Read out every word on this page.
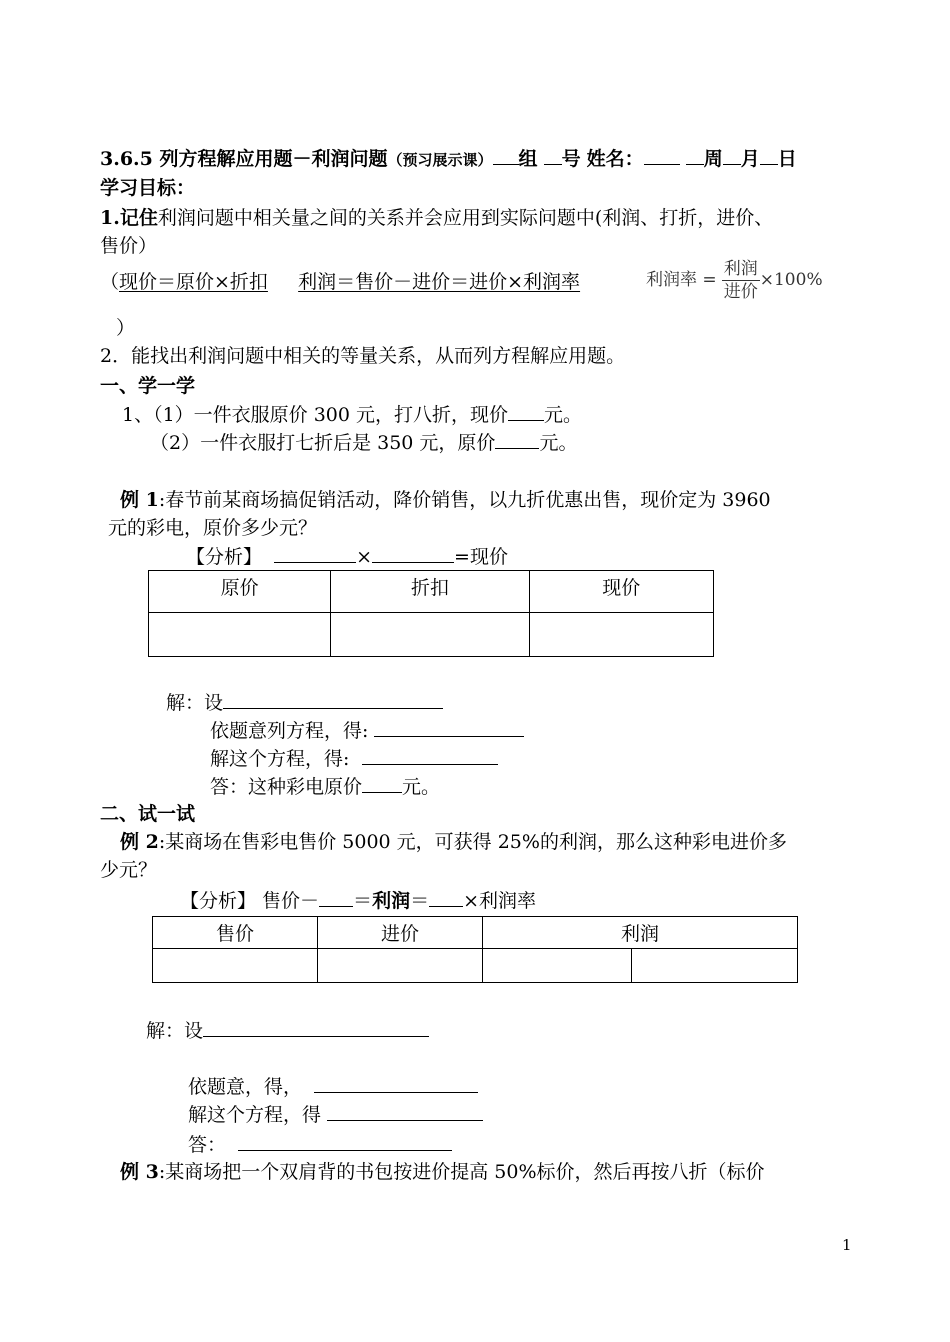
3.6.5 列方程解应用题－利润问题（预习展示课） 组 号 姓名：	周 月 日
学习目标：
1.记住利润问题中相关量之间的关系并会应用到实际问题中(利润、打折，进价、
售价）
（现价＝原价×折扣 利润＝售价－进价＝进价×利润率	利润率 = $\frac{\text{利润}}{\text{进价}} \times 100\%$
）
2．能找出利润问题中相关的等量关系，从而列方程解应用题。
一、学一学
1、（1）一件衣服原价 300 元，打八折，现价 元。
（2）一件衣服打七折后是 350 元，原价 元。
例 1:春节前某商场搞促销活动，降价销售，以九折优惠出售，现价定为 3960
元的彩电，原价多少元？
【分析】	×	=现价
原价	折扣	现价

解：设
依题意列方程，得:
解这个方程，得:
答：这种彩电原价 元。
二、试一试
例 2:某商场在售彩电售价 5000 元，可获得 25%的利润，那么这种彩电进价多
少元？
【分析】 售价－ ＝利润＝ ×利润率
售价	进价	利润	

解：设
依题意，得，
解这个方程，得
答：
例 3:某商场把一个双肩背的书包按进价提高 50%标价，然后再按八折（标价
1
